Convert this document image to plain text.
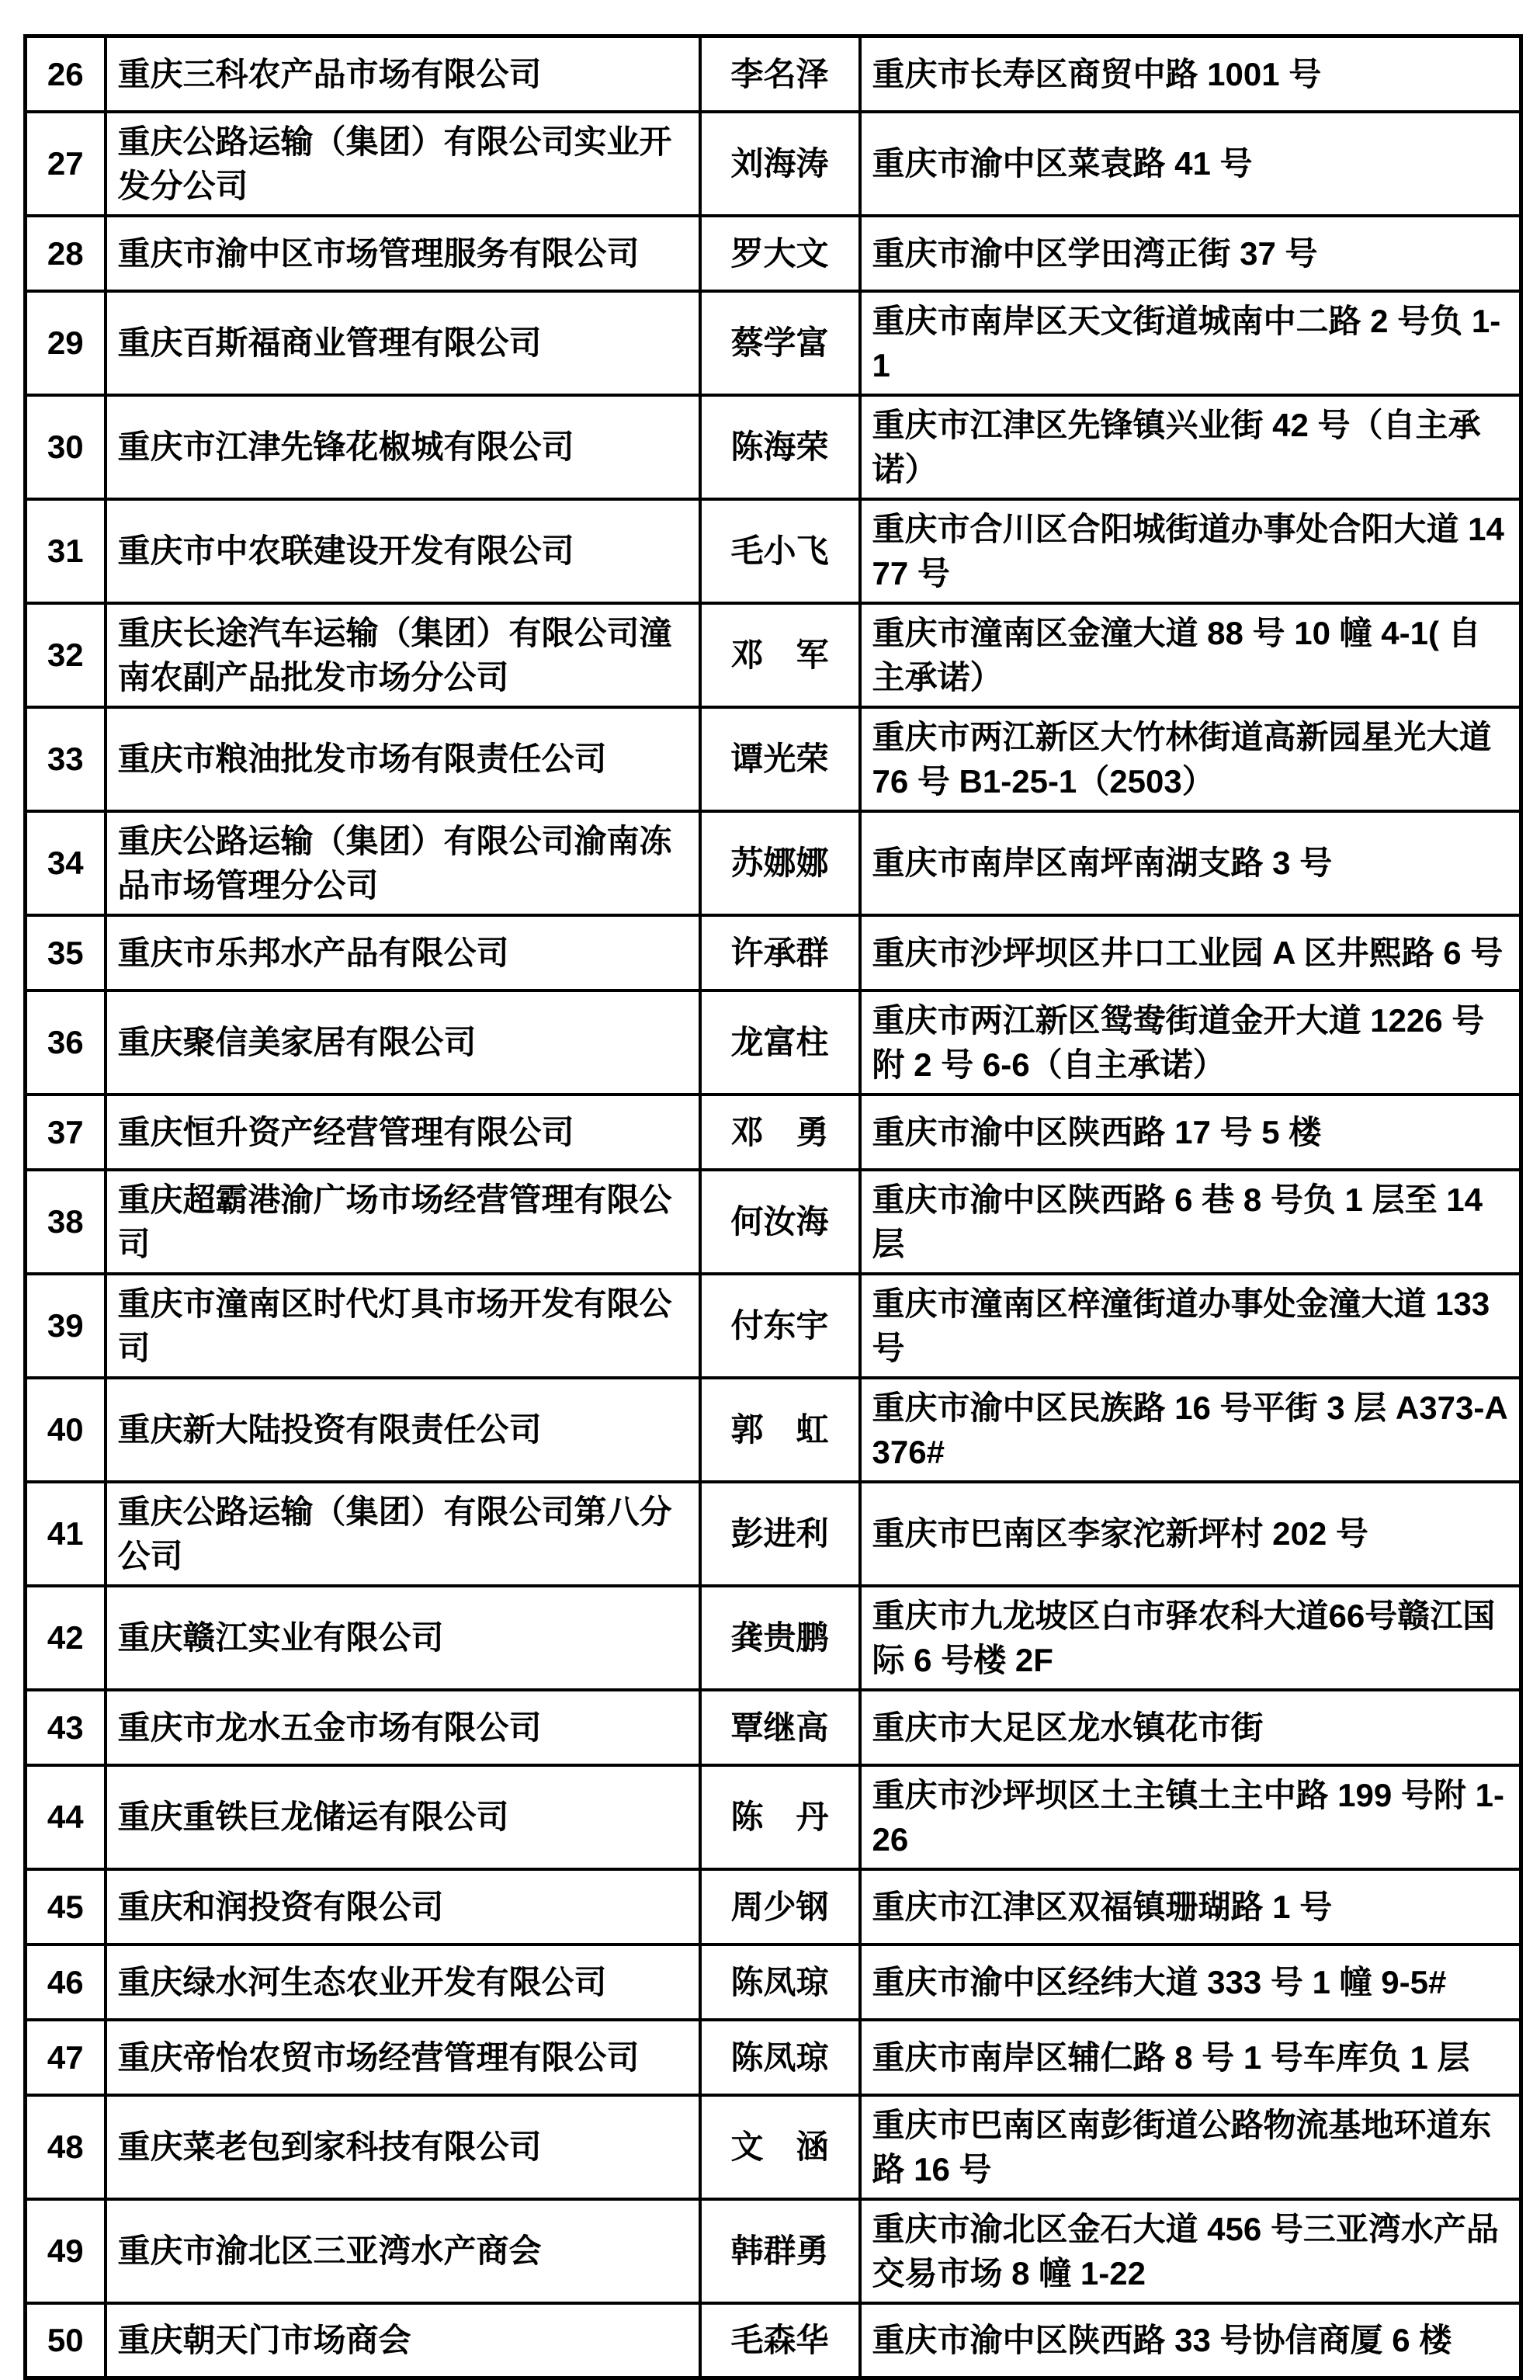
26	重庆三科农产品市场有限公司	李名泽	重庆市长寿区商贸中路 1001 号
27	重庆公路运输（集团）有限公司实业开发分公司	刘海涛	重庆市渝中区菜袁路 41 号
28	重庆市渝中区市场管理服务有限公司	罗大文	重庆市渝中区学田湾正街 37 号
29	重庆百斯福商业管理有限公司	蔡学富	重庆市南岸区天文街道城南中二路 2 号负 1-1
30	重庆市江津先锋花椒城有限公司	陈海荣	重庆市江津区先锋镇兴业街 42 号（自主承诺）
31	重庆市中农联建设开发有限公司	毛小飞	重庆市合川区合阳城街道办事处合阳大道 1477 号
32	重庆长途汽车运输（集团）有限公司潼南农副产品批发市场分公司	邓　军	重庆市潼南区金潼大道 88 号 10 幢 4-1( 自主承诺）
33	重庆市粮油批发市场有限责任公司	谭光荣	重庆市两江新区大竹林街道高新园星光大道 76 号 B1-25-1（2503）
34	重庆公路运输（集团）有限公司渝南冻品市场管理分公司	苏娜娜	重庆市南岸区南坪南湖支路 3 号
35	重庆市乐邦水产品有限公司	许承群	重庆市沙坪坝区井口工业园 A 区井熙路 6 号
36	重庆聚信美家居有限公司	龙富柱	重庆市两江新区鸳鸯街道金开大道 1226 号附 2 号 6-6（自主承诺）
37	重庆恒升资产经营管理有限公司	邓　勇	重庆市渝中区陕西路 17 号 5 楼
38	重庆超霸港渝广场市场经营管理有限公司	何汝海	重庆市渝中区陕西路 6 巷 8 号负 1 层至 14 层
39	重庆市潼南区时代灯具市场开发有限公司	付东宇	重庆市潼南区梓潼街道办事处金潼大道 133 号
40	重庆新大陆投资有限责任公司	郭　虹	重庆市渝中区民族路 16 号平街 3 层 A373-A376#
41	重庆公路运输（集团）有限公司第八分公司	彭进利	重庆市巴南区李家沱新坪村 202 号
42	重庆赣江实业有限公司	龚贵鹏	重庆市九龙坡区白市驿农科大道66号赣江国际 6 号楼 2F
43	重庆市龙水五金市场有限公司	覃继高	重庆市大足区龙水镇花市街
44	重庆重铁巨龙储运有限公司	陈　丹	重庆市沙坪坝区土主镇土主中路 199 号附 1-26
45	重庆和润投资有限公司	周少钢	重庆市江津区双福镇珊瑚路 1 号
46	重庆绿水河生态农业开发有限公司	陈凤琼	重庆市渝中区经纬大道 333 号 1 幢 9-5#
47	重庆帝怡农贸市场经营管理有限公司	陈凤琼	重庆市南岸区辅仁路 8 号 1 号车库负 1 层
48	重庆菜老包到家科技有限公司	文　涵	重庆市巴南区南彭街道公路物流基地环道东路 16 号
49	重庆市渝北区三亚湾水产商会	韩群勇	重庆市渝北区金石大道 456 号三亚湾水产品交易市场 8 幢 1-22
50	重庆朝天门市场商会	毛森华	重庆市渝中区陕西路 33 号协信商厦 6 楼
